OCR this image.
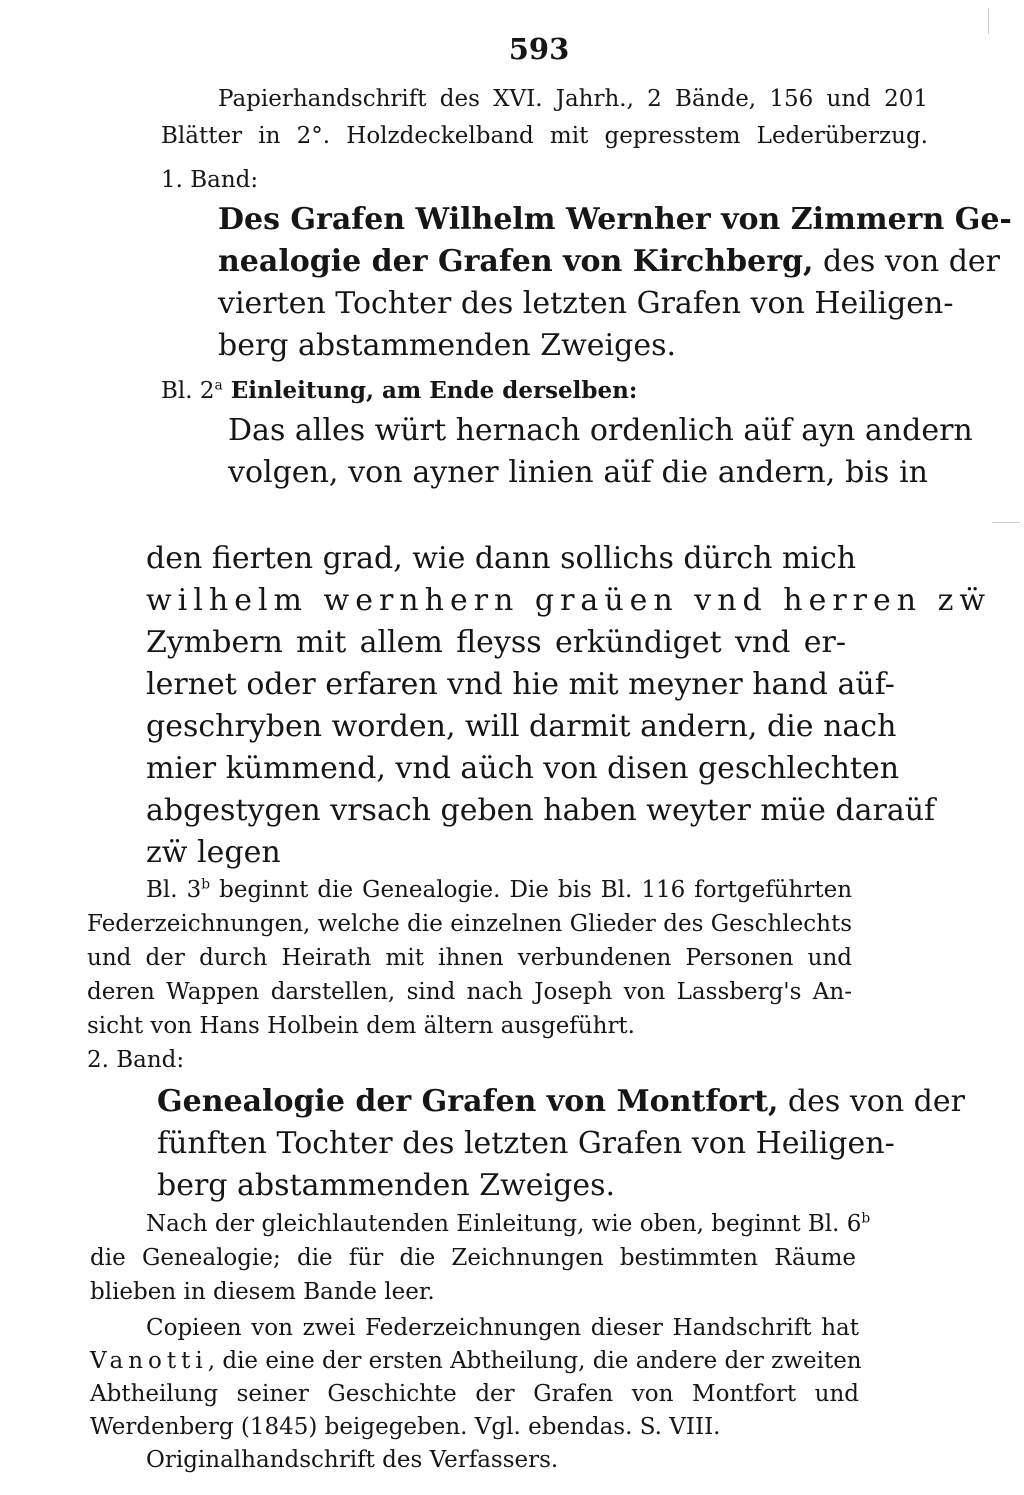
593
Papierhandschrift des XVI. Jahrh., 2 Bände, 156 und 201
Blätter in 2°. Holzdeckelband mit gepresstem Lederüberzug.
1. Band:
Des Grafen Wilhelm Wernher von Zimmern Ge-
nealogie der Grafen von Kirchberg, des von der
vierten Tochter des letzten Grafen von Heiligen-
berg abstammenden Zweiges.
Bl. 2$^a$ Einleitung, am Ende derselben:
Das alles würt hernach ordenlich aüf ayn andern
volgen, von ayner linien aüf die andern, bis in
den fierten grad, wie dann sollichs dürch mich
wilhelm wernhern graüen vnd herren zẅ
Zymbern mit allem fleyss erkündiget vnd er-
lernet oder erfaren vnd hie mit meyner hand aüf-
geschryben worden, will darmit andern, die nach
mier kümmend, vnd aüch von disen geschlechten
abgestygen vrsach geben haben weyter müe daraüf
zẅ legen
Bl. 3$^b$ beginnt die Genealogie. Die bis Bl. 116 fortgeführten
Federzeichnungen, welche die einzelnen Glieder des Geschlechts
und der durch Heirath mit ihnen verbundenen Personen und
deren Wappen darstellen, sind nach Joseph von Lassberg's An-
sicht von Hans Holbein dem ältern ausgeführt.
2. Band:
Genealogie der Grafen von Montfort, des von der
fünften Tochter des letzten Grafen von Heiligen-
berg abstammenden Zweiges.
Nach der gleichlautenden Einleitung, wie oben, beginnt Bl. 6$^b$
die Genealogie; die für die Zeichnungen bestimmten Räume
blieben in diesem Bande leer.
Copieen von zwei Federzeichnungen dieser Handschrift hat
Vanotti, die eine der ersten Abtheilung, die andere der zweiten
Abtheilung seiner Geschichte der Grafen von Montfort und
Werdenberg (1845) beigegeben. Vgl. ebendas. S. VIII.
Originalhandschrift des Verfassers.
